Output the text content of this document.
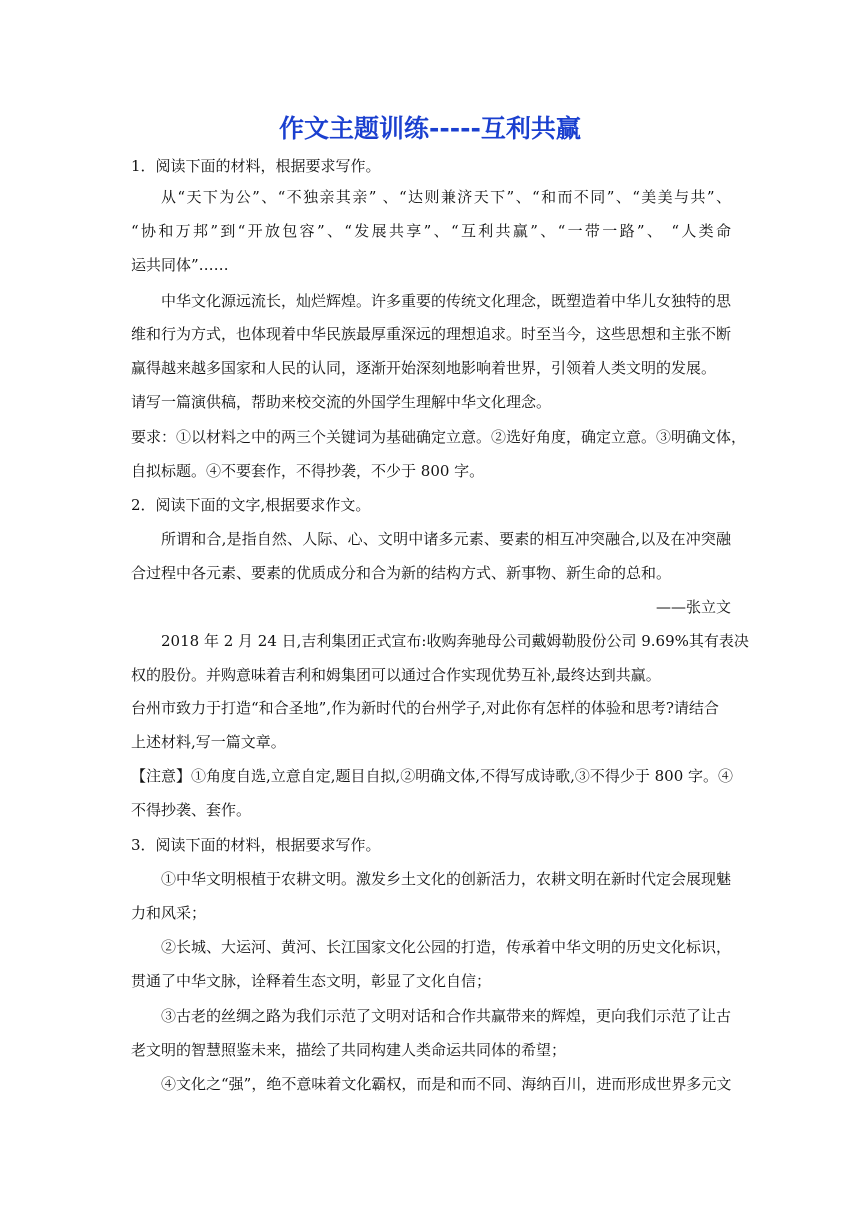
作文主题训练-----互利共赢
1．阅读下面的材料，根据要求写作。
从“天下为公”、“不独亲其亲” 、“达则兼济天下”、“和而不同”、“美美与共”、
“协和万邦”到“开放包容”、“发展共享”、“互利共赢”、“一带一路”、 “人类命
运共同体”……
中华文化源远流长，灿烂辉煌。许多重要的传统文化理念，既塑造着中华儿女独特的思
维和行为方式，也体现着中华民族最厚重深远的理想追求。时至当今，这些思想和主张不断
赢得越来越多国家和人民的认同，逐渐开始深刻地影响着世界，引领着人类文明的发展。
请写一篇演供稿，帮助来校交流的外国学生理解中华文化理念。
要求：①以材料之中的两三个关键词为基础确定立意。②选好角度，确定立意。③明确文体，
自拟标题。④不要套作，不得抄袭，不少于 800 字。
2．阅读下面的文字,根据要求作文。
所谓和合,是指自然、人际、心、文明中诸多元素、要素的相互冲突融合,以及在冲突融
合过程中各元素、要素的优质成分和合为新的结构方式、新事物、新生命的总和。
——张立文
2018 年 2 月 24 日,吉利集团正式宣布:收购奔驰母公司戴姆勒股份公司 9.69%其有表决
权的股份。并购意味着吉利和姆集团可以通过合作实现优势互补,最终达到共赢。
台州市致力于打造“和合圣地”,作为新时代的台州学子,对此你有怎样的体验和思考?请结合
上述材料,写一篇文章。
【注意】①角度自选,立意自定,题目自拟,②明确文体,不得写成诗歌,③不得少于 800 字。④
不得抄袭、套作。
3．阅读下面的材料，根据要求写作。
①中华文明根植于农耕文明。激发乡土文化的创新活力，农耕文明在新时代定会展现魅
力和风采；
②长城、大运河、黄河、长江国家文化公园的打造，传承着中华文明的历史文化标识，
贯通了中华文脉，诠释着生态文明，彰显了文化自信；
③古老的丝绸之路为我们示范了文明对话和合作共赢带来的辉煌，更向我们示范了让古
老文明的智慧照鉴未来，描绘了共同构建人类命运共同体的希望；
④文化之“强”，绝不意味着文化霸权，而是和而不同、海纳百川，进而形成世界多元文
